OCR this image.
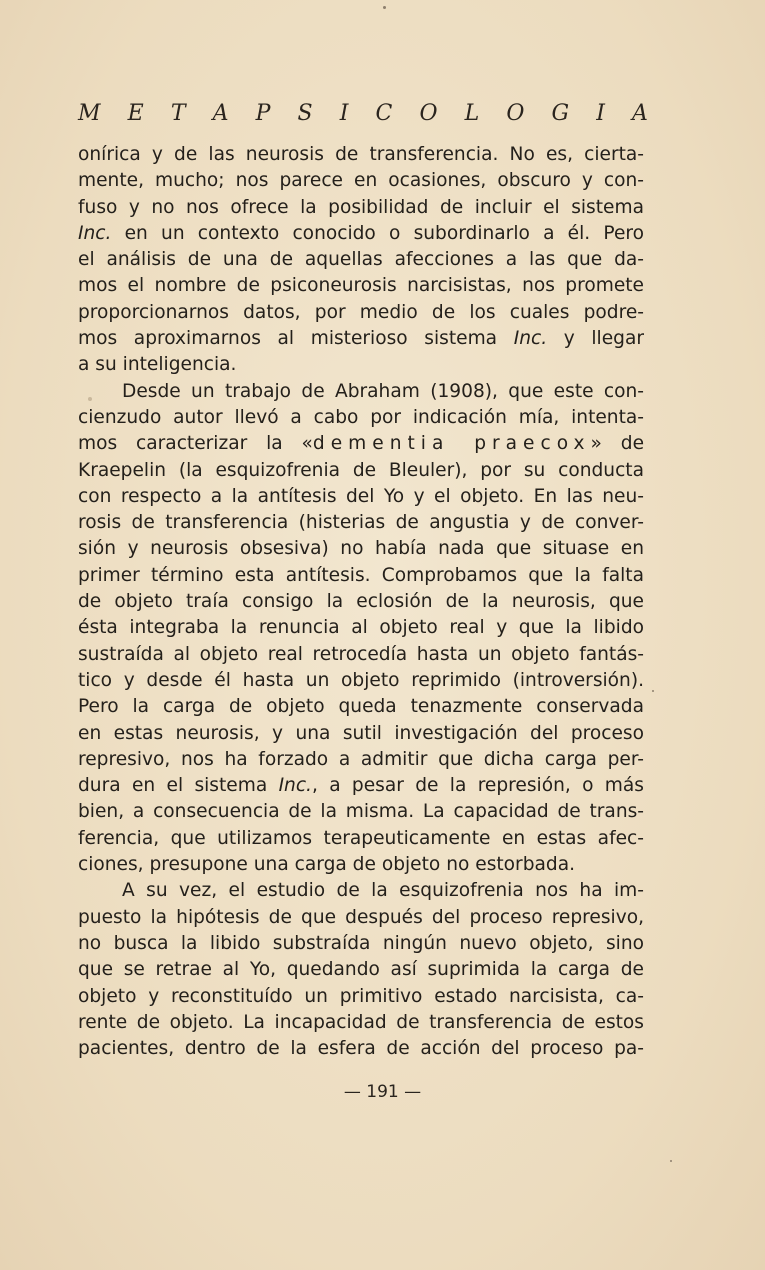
M E T A P S I C O L O G I A
onírica y de las neurosis de transferencia. No es, cierta-
mente, mucho; nos parece en ocasiones, obscuro y con-
fuso y no nos ofrece la posibilidad de incluir el sistema
Inc. en un contexto conocido o subordinarlo a él. Pero
el análisis de una de aquellas afecciones a las que da-
mos el nombre de psiconeurosis narcisistas, nos promete
proporcionarnos datos, por medio de los cuales podre-
mos aproximarnos al misterioso sistema Inc. y llegar
a su inteligencia.
Desde un trabajo de Abraham (1908), que este con-
cienzudo autor llevó a cabo por indicación mía, intenta-
mos caracterizar la «dementia praecox» de
Kraepelin (la esquizofrenia de Bleuler), por su conducta
con respecto a la antítesis del Yo y el objeto. En las neu-
rosis de transferencia (histerias de angustia y de conver-
sión y neurosis obsesiva) no había nada que situase en
primer término esta antítesis. Comprobamos que la falta
de objeto traía consigo la eclosión de la neurosis, que
ésta integraba la renuncia al objeto real y que la libido
sustraída al objeto real retrocedía hasta un objeto fantás-
tico y desde él hasta un objeto reprimido (introversión).
Pero la carga de objeto queda tenazmente conservada
en estas neurosis, y una sutil investigación del proceso
represivo, nos ha forzado a admitir que dicha carga per-
dura en el sistema Inc., a pesar de la represión, o más
bien, a consecuencia de la misma. La capacidad de trans-
ferencia, que utilizamos terapeuticamente en estas afec-
ciones, presupone una carga de objeto no estorbada.
A su vez, el estudio de la esquizofrenia nos ha im-
puesto la hipótesis de que después del proceso represivo,
no busca la libido substraída ningún nuevo objeto, sino
que se retrae al Yo, quedando así suprimida la carga de
objeto y reconstituído un primitivo estado narcisista, ca-
rente de objeto. La incapacidad de transferencia de estos
pacientes, dentro de la esfera de acción del proceso pa-
— 191 —
